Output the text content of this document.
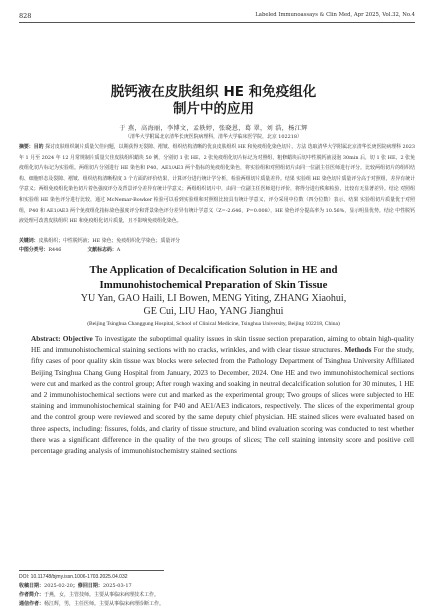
828	Labeled Immunoassays & Clin Med, Apr 2025, Vol.32, No.4
脱钙液在皮肤组织 HE 和免疫组化
制片中的应用
于 燕，高海丽，李博文，孟轶婷，张晓恩，葛 翠，刘 浩，杨江辉
（清华大学附属北京清华长庚医院病理科，清华大学临床医学院，北京 102218）
摘要：目的 探讨皮肤组织制片质量欠佳问题，以期获得无裂隙、褶皱、组织结构清晰的优良皮肤组织 HE 和免疫组化染色切片。方法 选取清华大学附属北京清华长庚医院病理科 2023 年 1 月至 2024 年 12 月常规制片质量欠佳皮肤组织蜡块 50 例，分别切 1 张 HE、2 张免疫组化切片标记为对照组，粗修蜡块后切中性脱钙液浸泡 30min 后，切 1 张 HE、2 张免疫组化切片标记为实验组。两组切片分别进行 HE 染色和 P40、AE1/AE3 两个指标的免疫组化染色，将实验组和对照组切片由同一位副主任医师进行评分。比较两组切片的组织结构、细胞形态及裂隙、褶皱、组织结构清晰程度 3 个方面的评价结果，计算评分进行统计学分析，检验两组切片质量差异。结果 实验组 HE 染色切片质量评分高于对照组，差异有统计学意义；两组免疫组化染色切片着色强度评分及背景评分差异有统计学意义；两组组织切片中，由同一位副主任医师进行评价，将得分进行秩和检验，比较有无显著差异。结论 对照组和实验组 HE 染色评分进行比较，通过 McNemar-Bowker 检验可以看到实验组和对照组比较具有统计学意义，评分采用中位数（四分位数）表示。结果 实验组切片质量优于对照组，P40 和 AE1/AE3 两个免疫组化指标染色强度评分和背景染色评分差异有统计学意义（Z=-2.646，P=0.008），HE 染色评分提高率为 10.56%，显示明显优势。结论 中性脱钙液处理可改善皮肤组织 HE 和免疫组化切片质量，且不影响免疫组化染色。
关键词：皮肤组织；中性脱钙液；HE 染色；免疫组织化学染色；质量评分
中图分类号：R446	文献标志码：A
The Application of Decalcification Solution in HE and
Immunohistochemical Preparation of Skin Tissue
YU Yan, GAO Haili, LI Bowen, MENG Yiting, ZHANG Xiaohui,
GE Cui, LIU Hao, YANG Jianghui
(Beijing Tsinghua Changgung Hospital, School of Clinical Medicine, Tsinghua University, Beijing 102218, China)
Abstract: Objective To investigate the suboptimal quality issues in skin tissue section preparation, aiming to obtain high-quality HE and immunohistochemical staining sections with no cracks, wrinkles, and with clear tissue structures. Methods For the study, fifty cases of poor quality skin tissue wax blocks were selected from the Pathology Department of Tsinghua University Affiliated Beijing Tsinghua Chang Gung Hospital from January, 2023 to December, 2024. One HE and two immunohistochemical sections were cut and marked as the control group; After rough waxing and soaking in neutral decalcification solution for 30 minutes, 1 HE and 2 immunohistochemical sections were cut and marked as the experimental group; Two groups of slices were subjected to HE staining and immunohistochemical staining for P40 and AE1/AE3 indicators, respectively. The slices of the experimental group and the control group were reviewed and scored by the same deputy chief physician. HE stained slices were evaluated based on three aspects, including: fissures, folds, and clarity of tissue structure, and blind evaluation scoring was conducted to test whether there was a significant difference in the quality of the two groups of slices; The cell staining intensity score and positive cell percentage grading analysis of immunohistochemistry stained sections
DOI: 10.11748/bjmy.issn.1006-1703.2025.04.032
收稿日期：2025-02-20；修回日期：2025-03-17
作者简介：于燕，女，主管技师。主要从事临床病理技术工作。
通信作者：杨江辉，男，主任医师。主要从事临床病理诊断工作。
